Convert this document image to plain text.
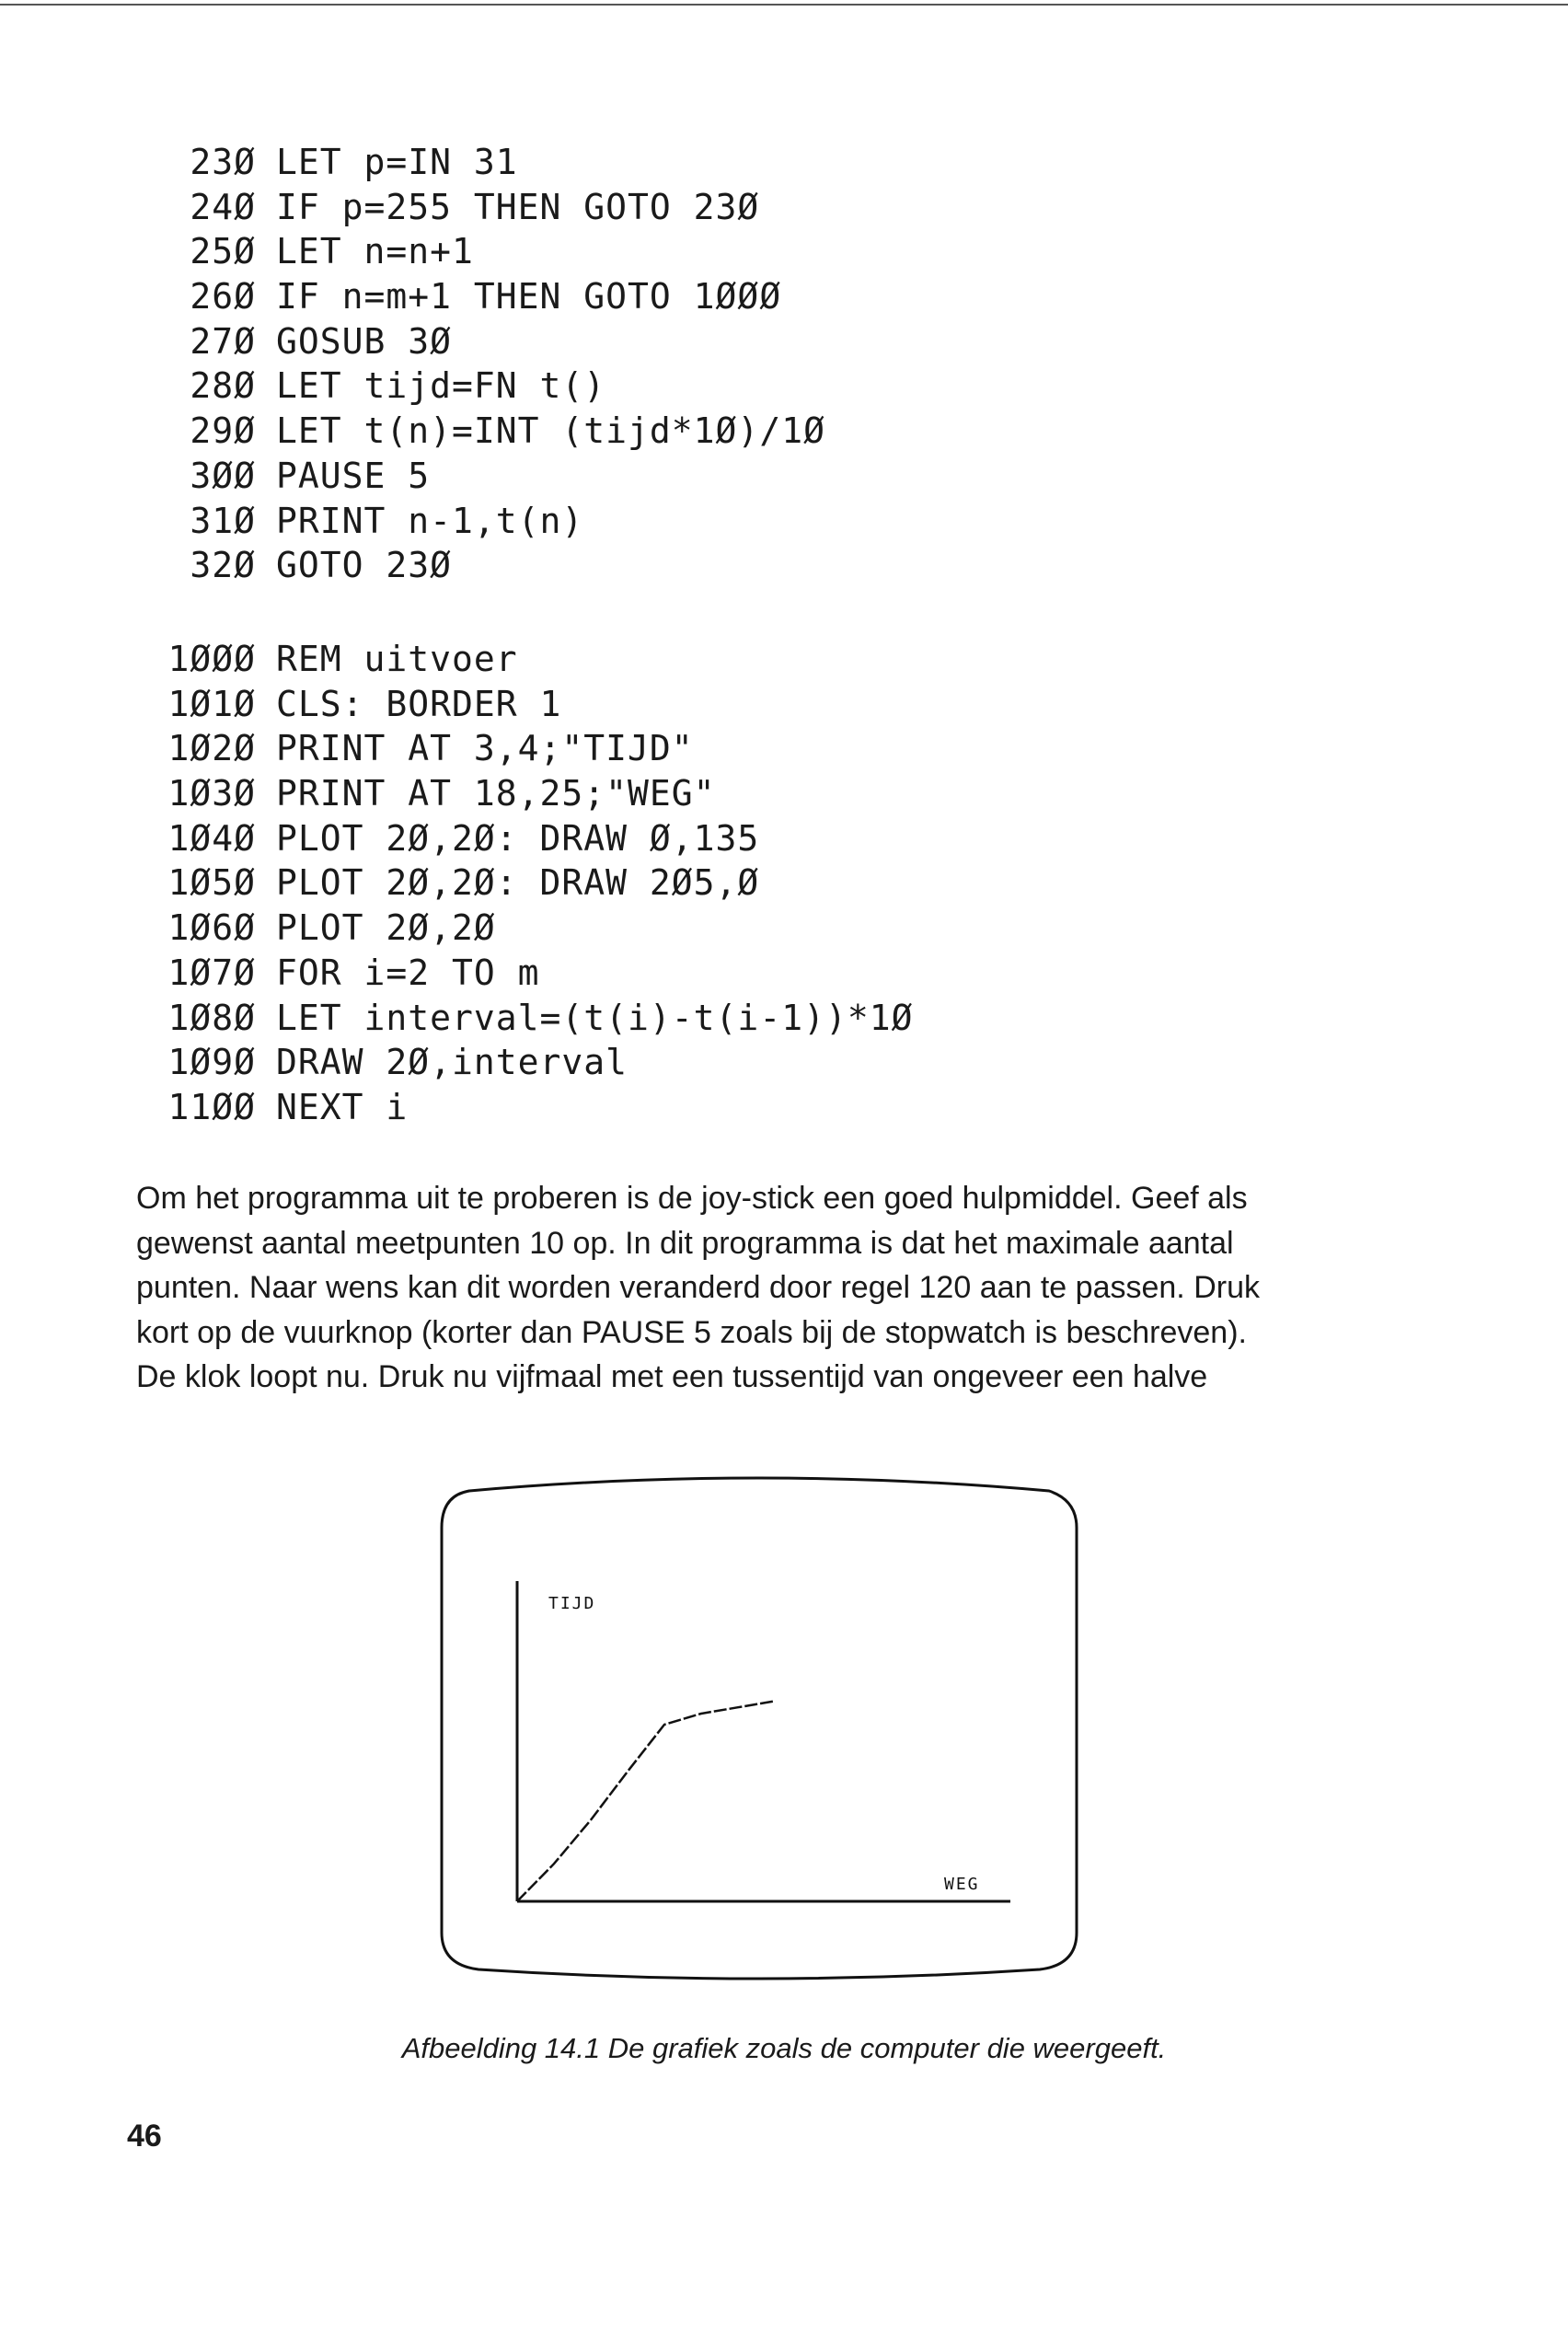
23Ø LET p=IN 31
24Ø IF p=255 THEN GOTO 23Ø
25Ø LET n=n+1
26Ø IF n=m+1 THEN GOTO 1ØØØ
27Ø GOSUB 3Ø
28Ø LET tijd=FN t()
29Ø LET t(n)=INT (tijd*1Ø)/1Ø
3ØØ PAUSE 5
31Ø PRINT n-1,t(n)
32Ø GOTO 23Ø
1ØØØ REM uitvoer
1Ø1Ø CLS: BORDER 1
1Ø2Ø PRINT AT 3,4;"TIJD"
1Ø3Ø PRINT AT 18,25;"WEG"
1Ø4Ø PLOT 2Ø,2Ø: DRAW Ø,135
1Ø5Ø PLOT 2Ø,2Ø: DRAW 2Ø5,Ø
1Ø6Ø PLOT 2Ø,2Ø
1Ø7Ø FOR i=2 TO m
1Ø8Ø LET interval=(t(i)-t(i-1))*1Ø
1Ø9Ø DRAW 2Ø,interval
11ØØ NEXT i
Om het programma uit te proberen is de joy-stick een goed hulpmiddel. Geef als
gewenst aantal meetpunten 10 op. In dit programma is dat het maximale aantal
punten. Naar wens kan dit worden veranderd door regel 120 aan te passen. Druk
kort op de vuurknop (korter dan PAUSE 5 zoals bij de stopwatch is beschreven).
De klok loopt nu. Druk nu vijfmaal met een tussentijd van ongeveer een halve
TIJD
WEG
Afbeelding 14.1 De grafiek zoals de computer die weergeeft.
46
